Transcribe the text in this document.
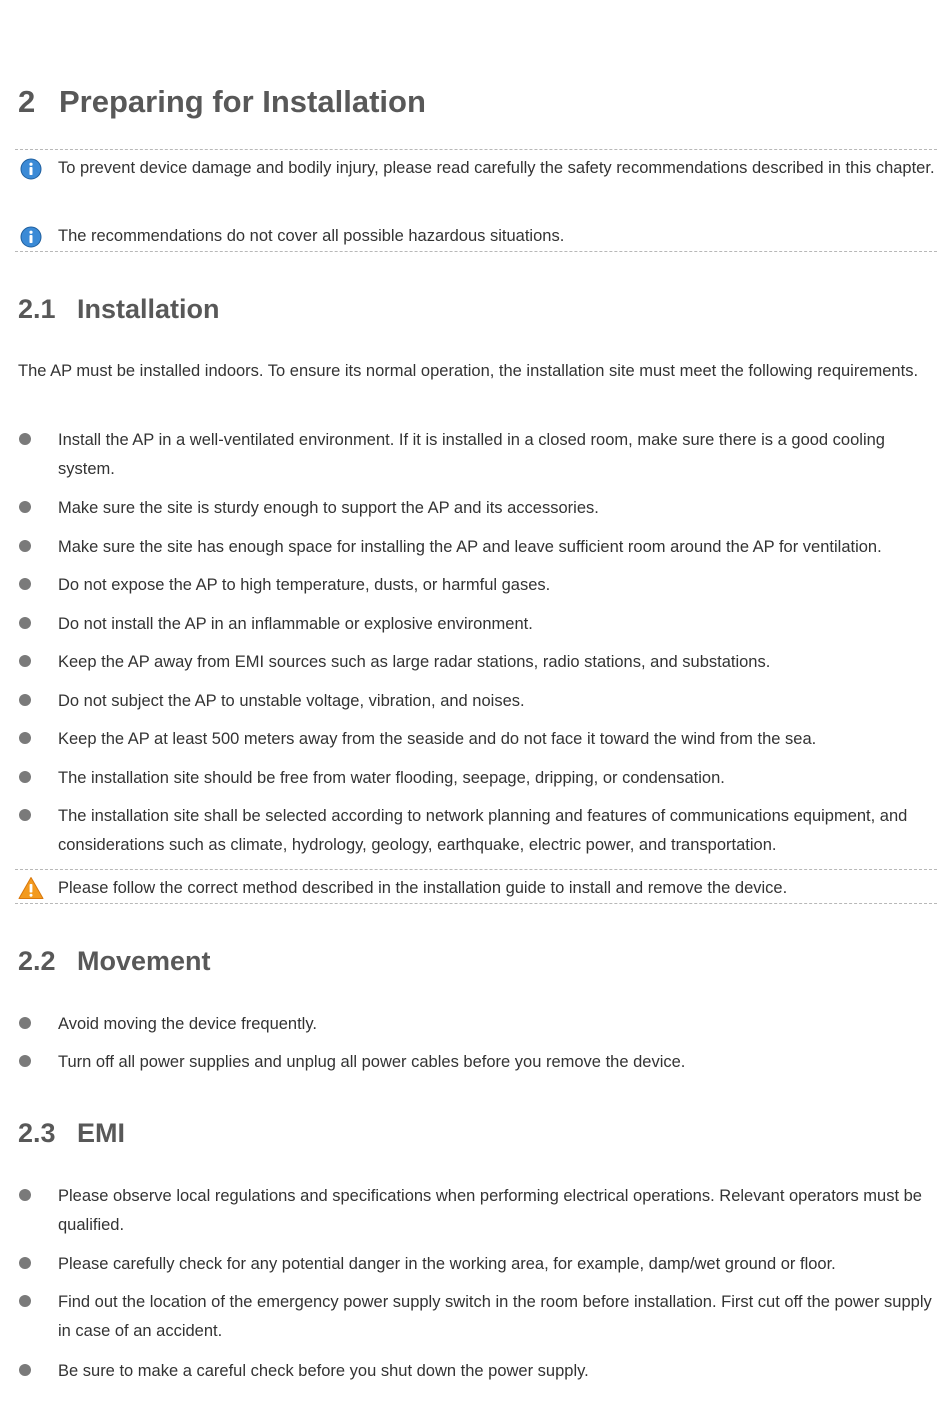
2 Preparing for Installation
To prevent device damage and bodily injury, please read carefully the safety recommendations described in this chapter.
The recommendations do not cover all possible hazardous situations.
2.1 Installation
The AP must be installed indoors. To ensure its normal operation, the installation site must meet the following requirements.
Install the AP in a well-ventilated environment. If it is installed in a closed room, make sure there is a good cooling system.
Make sure the site is sturdy enough to support the AP and its accessories.
Make sure the site has enough space for installing the AP and leave sufficient room around the AP for ventilation.
Do not expose the AP to high temperature, dusts, or harmful gases.
Do not install the AP in an inflammable or explosive environment.
Keep the AP away from EMI sources such as large radar stations, radio stations, and substations.
Do not subject the AP to unstable voltage, vibration, and noises.
Keep the AP at least 500 meters away from the seaside and do not face it toward the wind from the sea.
The installation site should be free from water flooding, seepage, dripping, or condensation.
The installation site shall be selected according to network planning and features of communications equipment, and considerations such as climate, hydrology, geology, earthquake, electric power, and transportation.
Please follow the correct method described in the installation guide to install and remove the device.
2.2 Movement
Avoid moving the device frequently.
Turn off all power supplies and unplug all power cables before you remove the device.
2.3 EMI
Please observe local regulations and specifications when performing electrical operations. Relevant operators must be qualified.
Please carefully check for any potential danger in the working area, for example, damp/wet ground or floor.
Find out the location of the emergency power supply switch in the room before installation. First cut off the power supply in case of an accident.
Be sure to make a careful check before you shut down the power supply.
